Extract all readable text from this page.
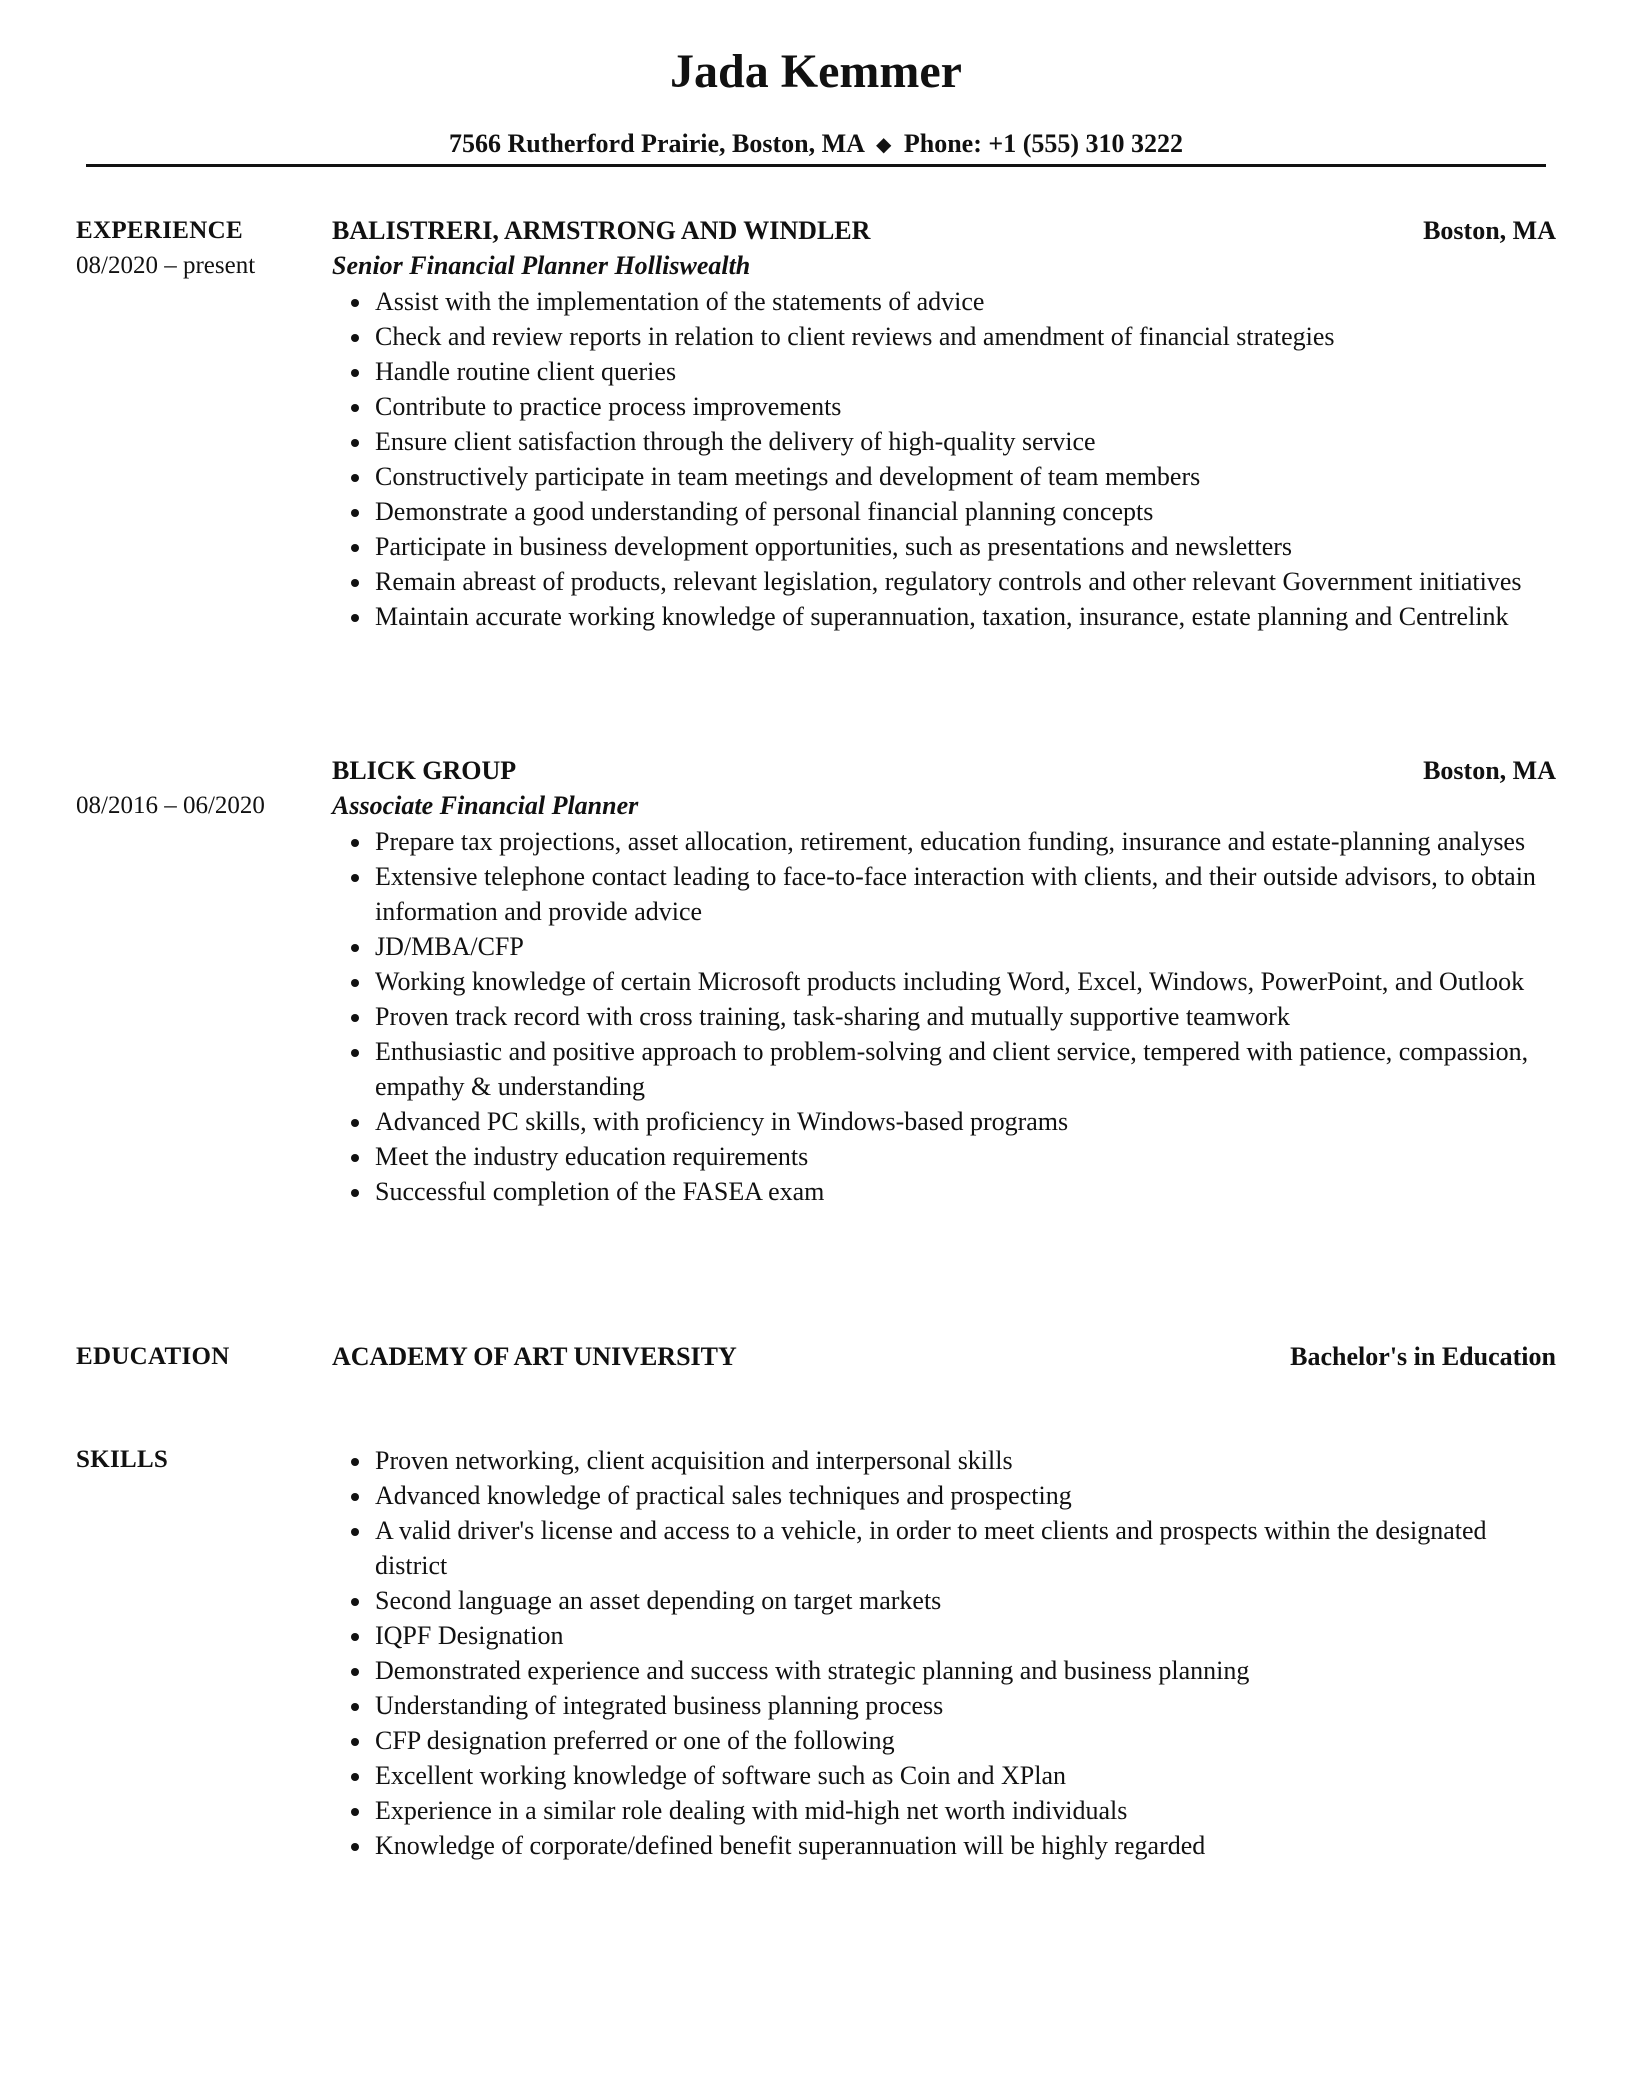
Jada Kemmer
7566 Rutherford Prairie, Boston, MA ◆ Phone: +1 (555) 310 3222
EXPERIENCE	BALISTRERI, ARMSTRONG AND WINDLER	Boston, MA
08/2020 – present	Senior Financial Planner Holliswealth
Assist with the implementation of the statements of advice
Check and review reports in relation to client reviews and amendment of financial strategies
Handle routine client queries
Contribute to practice process improvements
Ensure client satisfaction through the delivery of high-quality service
Constructively participate in team meetings and development of team members
Demonstrate a good understanding of personal financial planning concepts
Participate in business development opportunities, such as presentations and newsletters
Remain abreast of products, relevant legislation, regulatory controls and other relevant Government initiatives
Maintain accurate working knowledge of superannuation, taxation, insurance, estate planning and Centrelink
BLICK GROUP	Boston, MA
08/2016 – 06/2020	Associate Financial Planner
Prepare tax projections, asset allocation, retirement, education funding, insurance and estate-planning analyses
Extensive telephone contact leading to face-to-face interaction with clients, and their outside advisors, to obtain information and provide advice
JD/MBA/CFP
Working knowledge of certain Microsoft products including Word, Excel, Windows, PowerPoint, and Outlook
Proven track record with cross training, task-sharing and mutually supportive teamwork
Enthusiastic and positive approach to problem-solving and client service, tempered with patience, compassion, empathy & understanding
Advanced PC skills, with proficiency in Windows-based programs
Meet the industry education requirements
Successful completion of the FASEA exam
EDUCATION	ACADEMY OF ART UNIVERSITY	Bachelor's in Education
SKILLS	Proven networking, client acquisition and interpersonal skills
Advanced knowledge of practical sales techniques and prospecting
A valid driver's license and access to a vehicle, in order to meet clients and prospects within the designated district
Second language an asset depending on target markets
IQPF Designation
Demonstrated experience and success with strategic planning and business planning
Understanding of integrated business planning process
CFP designation preferred or one of the following
Excellent working knowledge of software such as Coin and XPlan
Experience in a similar role dealing with mid-high net worth individuals
Knowledge of corporate/defined benefit superannuation will be highly regarded
